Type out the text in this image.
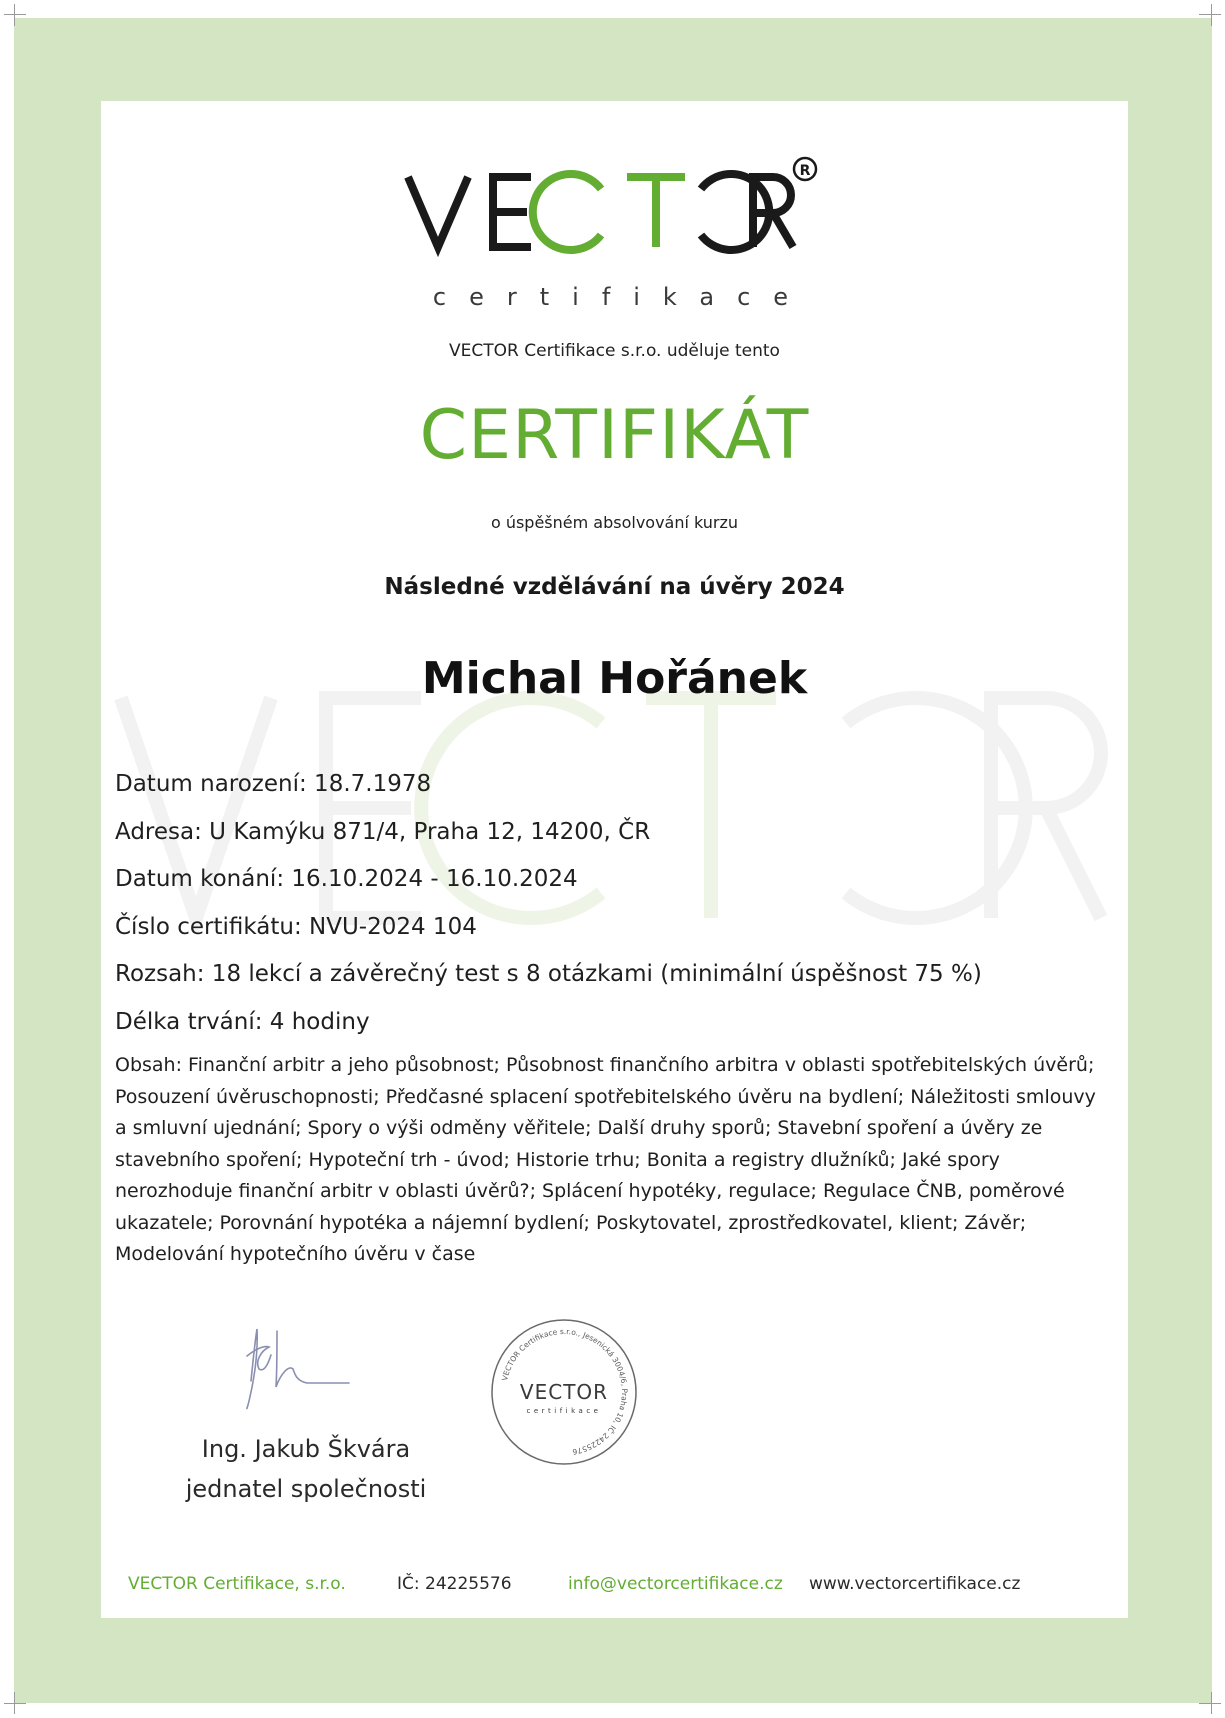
R
certifikace
VECTOR Certifikace s.r.o. uděluje tento
CERTIFIKÁT
o úspěšném absolvování kurzu
Následné vzdělávání na úvěry 2024
Michal Hořánek
Datum narození: 18.7.1978
Adresa: U Kamýku 871/4, Praha 12, 14200, ČR
Datum konání: 16.10.2024 - 16.10.2024
Číslo certifikátu: NVU-2024 104
Rozsah: 18 lekcí a závěrečný test s 8 otázkami (minimální úspěšnost 75 %)
Délka trvání: 4 hodiny
Obsah: Finanční arbitr a jeho působnost; Působnost finančního arbitra v oblasti spotřebitelských úvěrů; Posouzení úvěruschopnosti; Předčasné splacení spotřebitelského úvěru na bydlení; Náležitosti smlouvy a smluvní ujednání; Spory o výši odměny věřitele; Další druhy sporů; Stavební spoření a úvěry ze stavebního spoření; Hypoteční trh - úvod; Historie trhu; Bonita a registry dlužníků; Jaké spory nerozhoduje finanční arbitr v oblasti úvěrů?; Splácení hypotéky, regulace; Regulace ČNB, poměrové ukazatele; Porovnání hypotéka a nájemní bydlení; Poskytovatel, zprostředkovatel, klient; Závěr; Modelování hypotečního úvěru v čase
Ing. Jakub Škvára
jednatel společnosti
VECTOR Certifikace s.r.o., Jesenická 3004/6, Praha 10, IČ 24225576
VECTOR
certifikace
VECTOR Certifikace, s.r.o.	IČ: 24225576	info@vectorcertifikace.cz www.vectorcertifikace.cz
